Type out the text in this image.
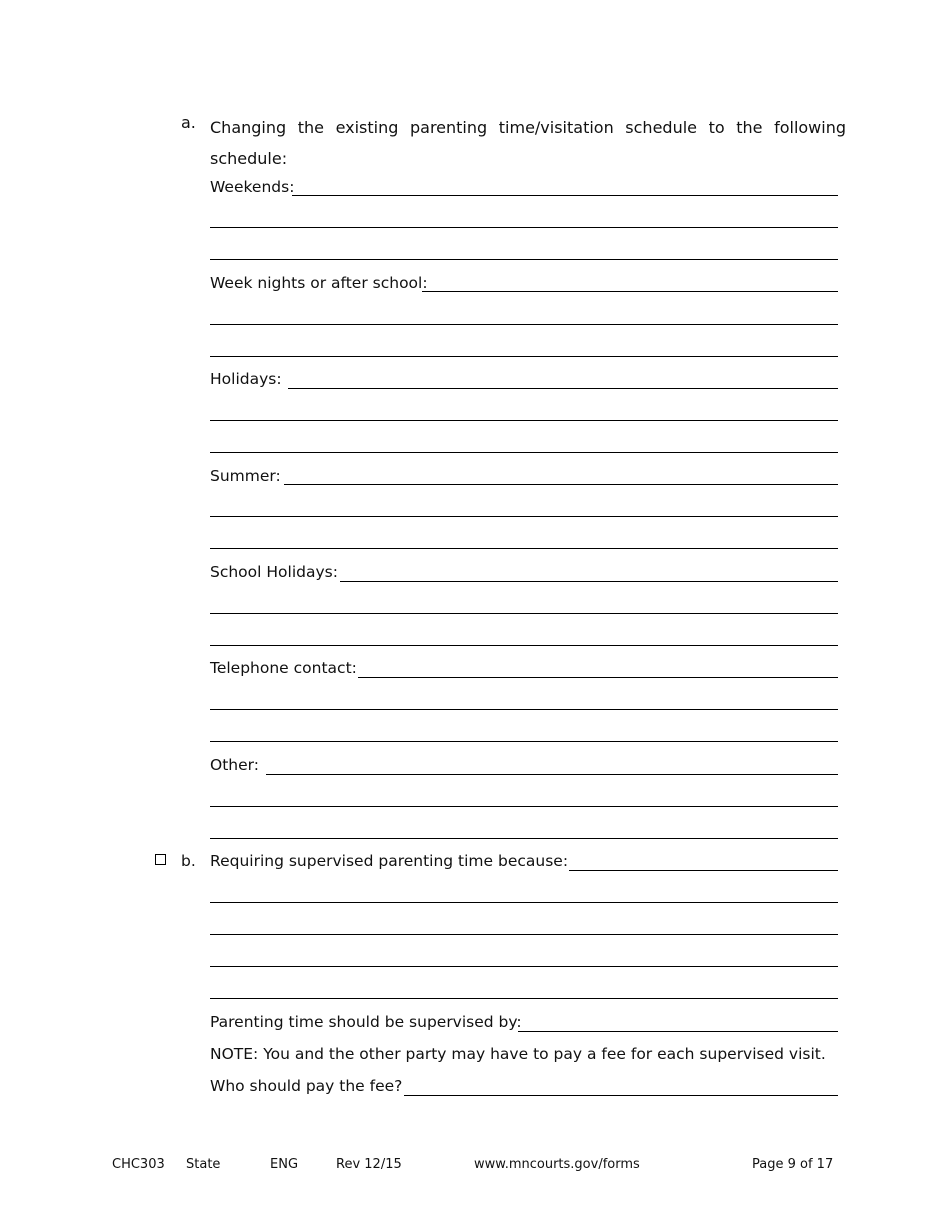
a. Changing the existing parenting time/visitation schedule to the following schedule:
Weekends:
Week nights or after school:
Holidays:
Summer:
School Holidays:
Telephone contact:
Other:
b. Requiring supervised parenting time because:
Parenting time should be supervised by:
NOTE: You and the other party may have to pay a fee for each supervised visit.
Who should pay the fee?
CHC303 State	ENG	Rev 12/15	www.mncourts.gov/forms	Page 9 of 17
